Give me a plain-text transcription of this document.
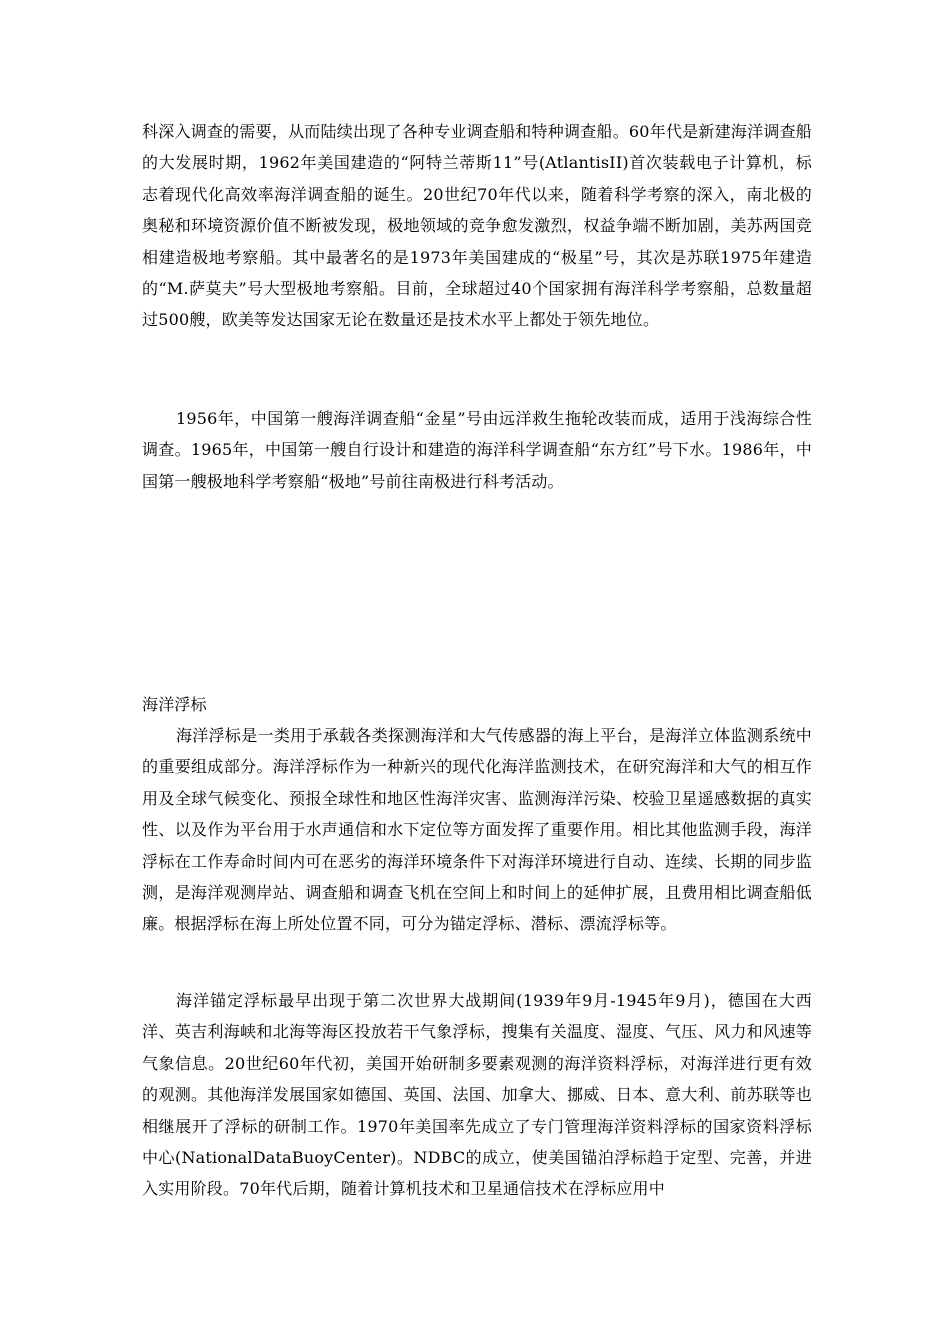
科深入调查的需要，从而陆续出现了各种专业调查船和特种调查船。60年代是新建海洋调查船的大发展时期，1962年美国建造的“阿特兰蒂斯11”号(AtlantisII)首次装载电子计算机，标志着现代化高效率海洋调查船的诞生。20世纪70年代以来，随着科学考察的深入，南北极的奥秘和环境资源价值不断被发现，极地领域的竞争愈发激烈，权益争端不断加剧，美苏两国竞相建造极地考察船。其中最著名的是1973年美国建成的“极星”号，其次是苏联1975年建造的“M.萨莫夫”号大型极地考察船。目前，全球超过40个国家拥有海洋科学考察船，总数量超过500艘，欧美等发达国家无论在数量还是技术水平上都处于领先地位。

1956年，中国第一艘海洋调查船“金星”号由远洋救生拖轮改装而成，适用于浅海综合性调查。1965年，中国第一艘自行设计和建造的海洋科学调查船“东方红”号下水。1986年，中国第一艘极地科学考察船“极地”号前往南极进行科考活动。

海洋浮标

海洋浮标是一类用于承载各类探测海洋和大气传感器的海上平台，是海洋立体监测系统中的重要组成部分。海洋浮标作为一种新兴的现代化海洋监测技术，在研究海洋和大气的相互作用及全球气候变化、预报全球性和地区性海洋灾害、监测海洋污染、校验卫星遥感数据的真实性、以及作为平台用于水声通信和水下定位等方面发挥了重要作用。相比其他监测手段，海洋浮标在工作寿命时间内可在恶劣的海洋环境条件下对海洋环境进行自动、连续、长期的同步监测，是海洋观测岸站、调查船和调查飞机在空间上和时间上的延伸扩展，且费用相比调查船低廉。根据浮标在海上所处位置不同，可分为锚定浮标、潜标、漂流浮标等。

海洋锚定浮标最早出现于第二次世界大战期间(1939年9月-1945年9月)，德国在大西洋、英吉利海峡和北海等海区投放若干气象浮标，搜集有关温度、湿度、气压、风力和风速等气象信息。20世纪60年代初，美国开始研制多要素观测的海洋资料浮标，对海洋进行更有效的观测。其他海洋发展国家如德国、英国、法国、加拿大、挪威、日本、意大利、前苏联等也相继展开了浮标的研制工作。1970年美国率先成立了专门管理海洋资料浮标的国家资料浮标中心(NationalDataBuoyCenter)。NDBC的成立，使美国锚泊浮标趋于定型、完善，并进入实用阶段。70年代后期，随着计算机技术和卫星通信技术在浮标应用中
